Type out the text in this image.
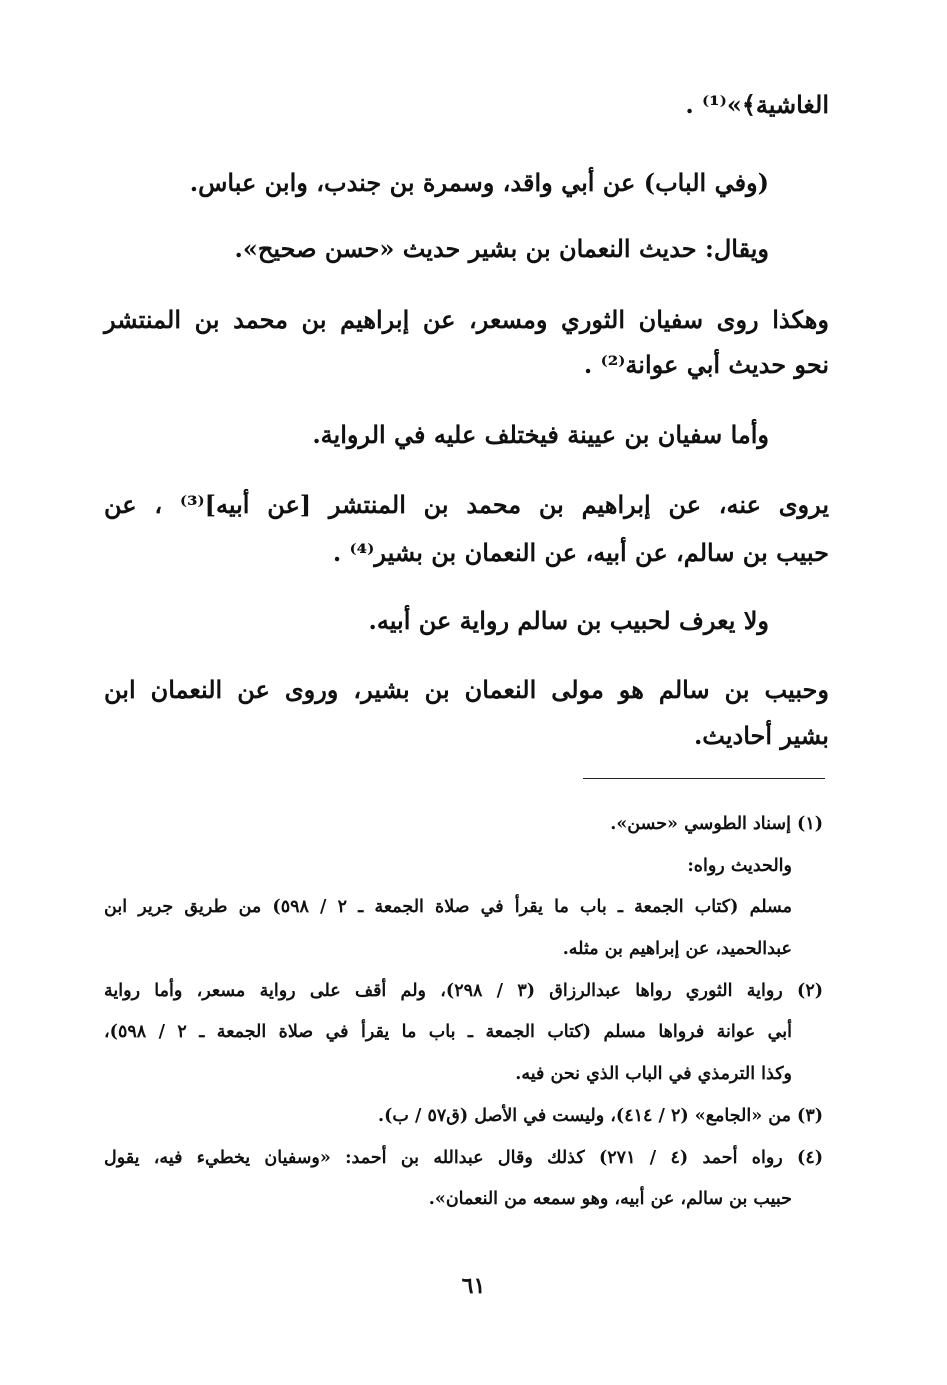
الغاشية﴾»⁽¹⁾ .
(وفي الباب) عن أبي واقد، وسمرة بن جندب، وابن عباس.
ويقال: حديث النعمان بن بشير حديث «حسن صحيح».
وهكذا روى سفيان الثوري ومسعر، عن إبراهيم بن محمد بن المنتشر
نحو حديث أبي عوانة⁽²⁾ .
وأما سفيان بن عيينة فيختلف عليه في الرواية.
يروى عنه، عن إبراهيم بن محمد بن المنتشر [عن أبيه]⁽³⁾ ، عن
حبيب بن سالم، عن أبيه، عن النعمان بن بشير⁽⁴⁾ .
ولا يعرف لحبيب بن سالم رواية عن أبيه.
وحبيب بن سالم هو مولى النعمان بن بشير، وروى عن النعمان ابن
بشير أحاديث.
(١) إسناد الطوسي «حسن».
والحديث رواه:
مسلم (كتاب الجمعة ـ باب ما يقرأ في صلاة الجمعة ـ ٢ / ٥٩٨) من طريق جرير ابن
عبدالحميد، عن إبراهيم بن مثله.
(٢) رواية الثوري رواها عبدالرزاق (٣ / ٢٩٨)، ولم أقف على رواية مسعر، وأما رواية
أبي عوانة فرواها مسلم (كتاب الجمعة ـ باب ما يقرأ في صلاة الجمعة ـ ٢ / ٥٩٨)،
وكذا الترمذي في الباب الذي نحن فيه.
(٣) من «الجامع» (٢ / ٤١٤)، وليست في الأصل (ق٥٧ / ب).
(٤) رواه أحمد (٤ / ٢٧١) كذلك وقال عبدالله بن أحمد: «وسفيان يخطيء فيه، يقول
حبيب بن سالم، عن أبيه، وهو سمعه من النعمان».
٦١
